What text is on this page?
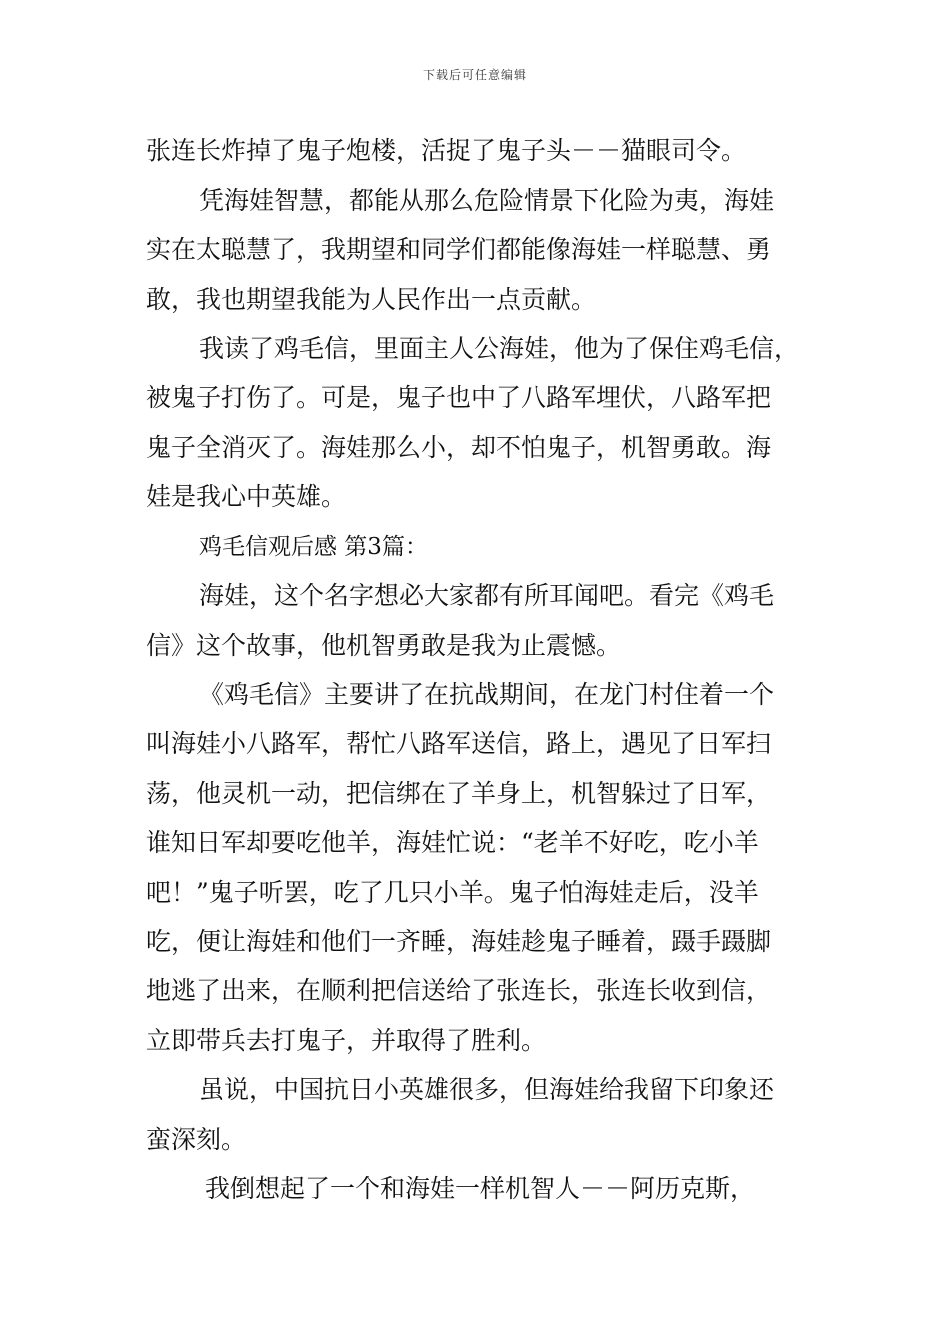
下载后可任意编辑
张连长炸掉了鬼子炮楼，活捉了鬼子头－－猫眼司令。
凭海娃智慧，都能从那么危险情景下化险为夷，海娃
实在太聪慧了，我期望和同学们都能像海娃一样聪慧、勇
敢，我也期望我能为人民作出一点贡献。
我读了鸡毛信，里面主人公海娃，他为了保住鸡毛信，
被鬼子打伤了。可是，鬼子也中了八路军埋伏，八路军把
鬼子全消灭了。海娃那么小，却不怕鬼子，机智勇敢。海
娃是我心中英雄。
鸡毛信观后感 第3篇：
海娃，这个名字想必大家都有所耳闻吧。看完《鸡毛
信》这个故事，他机智勇敢是我为止震憾。
《鸡毛信》主要讲了在抗战期间，在龙门村住着一个
叫海娃小八路军，帮忙八路军送信，路上，遇见了日军扫
荡，他灵机一动，把信绑在了羊身上，机智躲过了日军，
谁知日军却要吃他羊，海娃忙说：“老羊不好吃，吃小羊
吧！”鬼子听罢，吃了几只小羊。鬼子怕海娃走后，没羊
吃，便让海娃和他们一齐睡，海娃趁鬼子睡着，蹑手蹑脚
地逃了出来，在顺利把信送给了张连长，张连长收到信，
立即带兵去打鬼子，并取得了胜利。
虽说，中国抗日小英雄很多，但海娃给我留下印象还
蛮深刻。
我倒想起了一个和海娃一样机智人－－阿历克斯，
